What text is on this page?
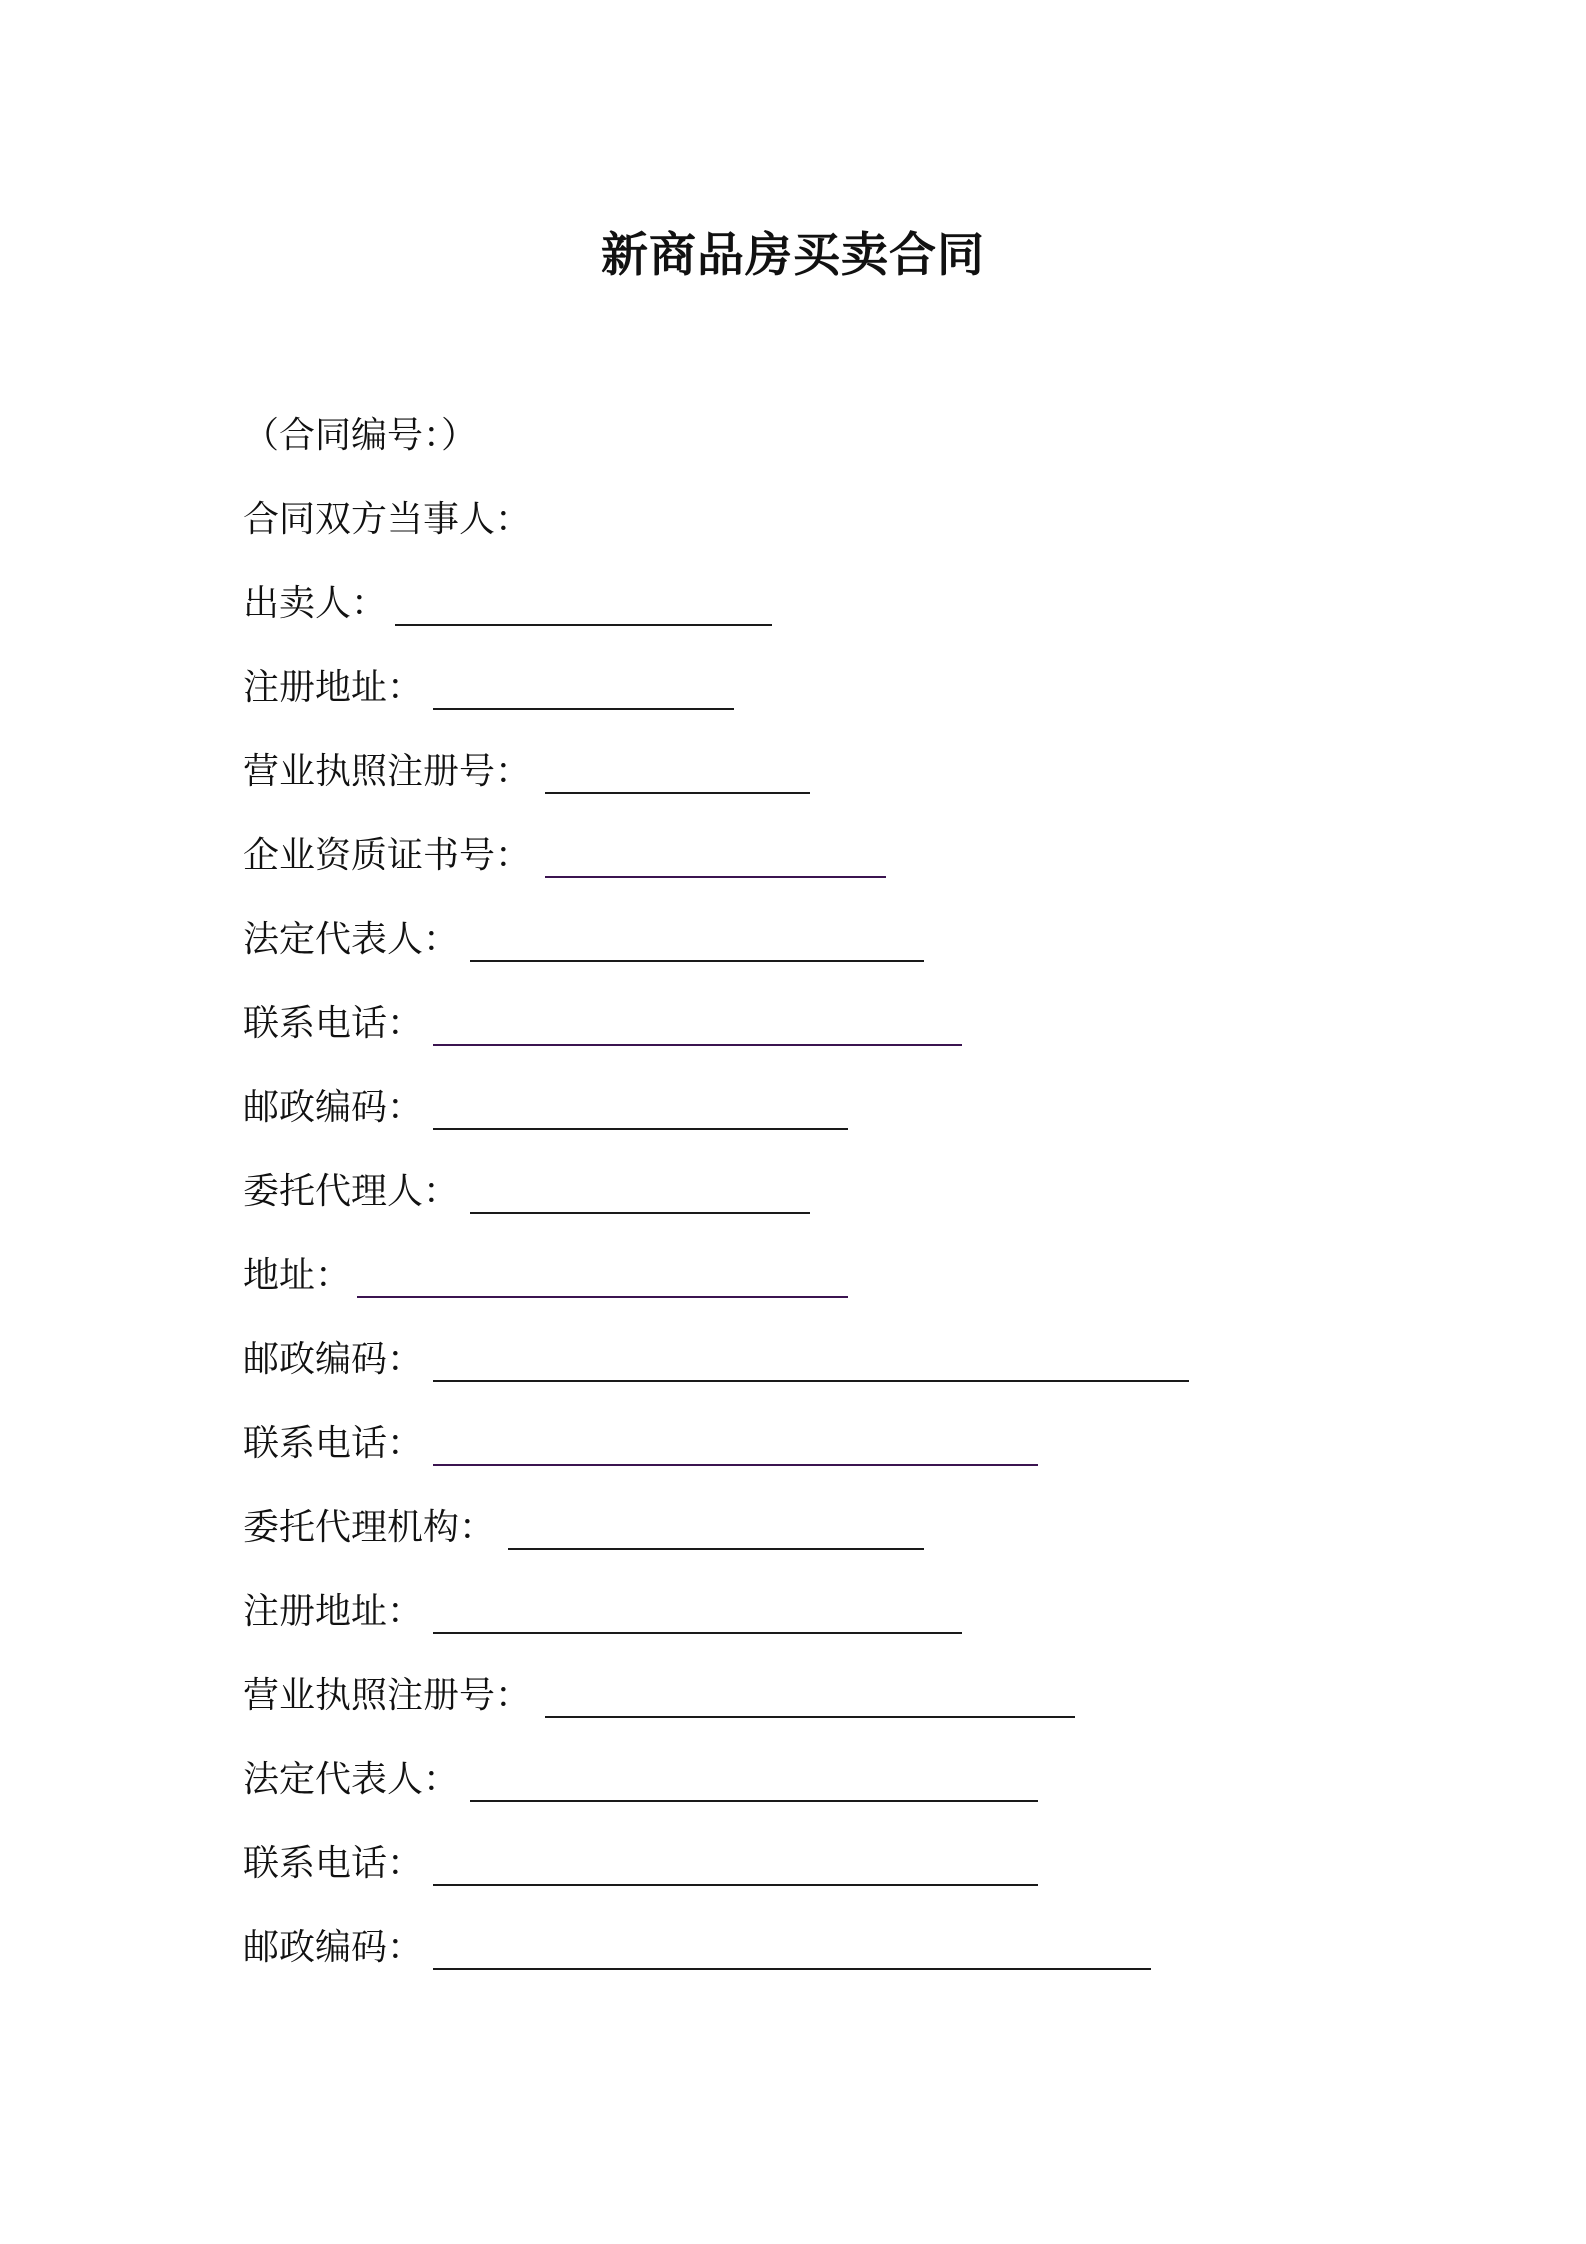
新商品房买卖合同
（合同编号：）
合同双方当事人：
出卖人：
注册地址：
营业执照注册号：
企业资质证书号：
法定代表人：
联系电话：
邮政编码：
委托代理人：
地址：
邮政编码：
联系电话：
委托代理机构：
注册地址：
营业执照注册号：
法定代表人：
联系电话：
邮政编码：
